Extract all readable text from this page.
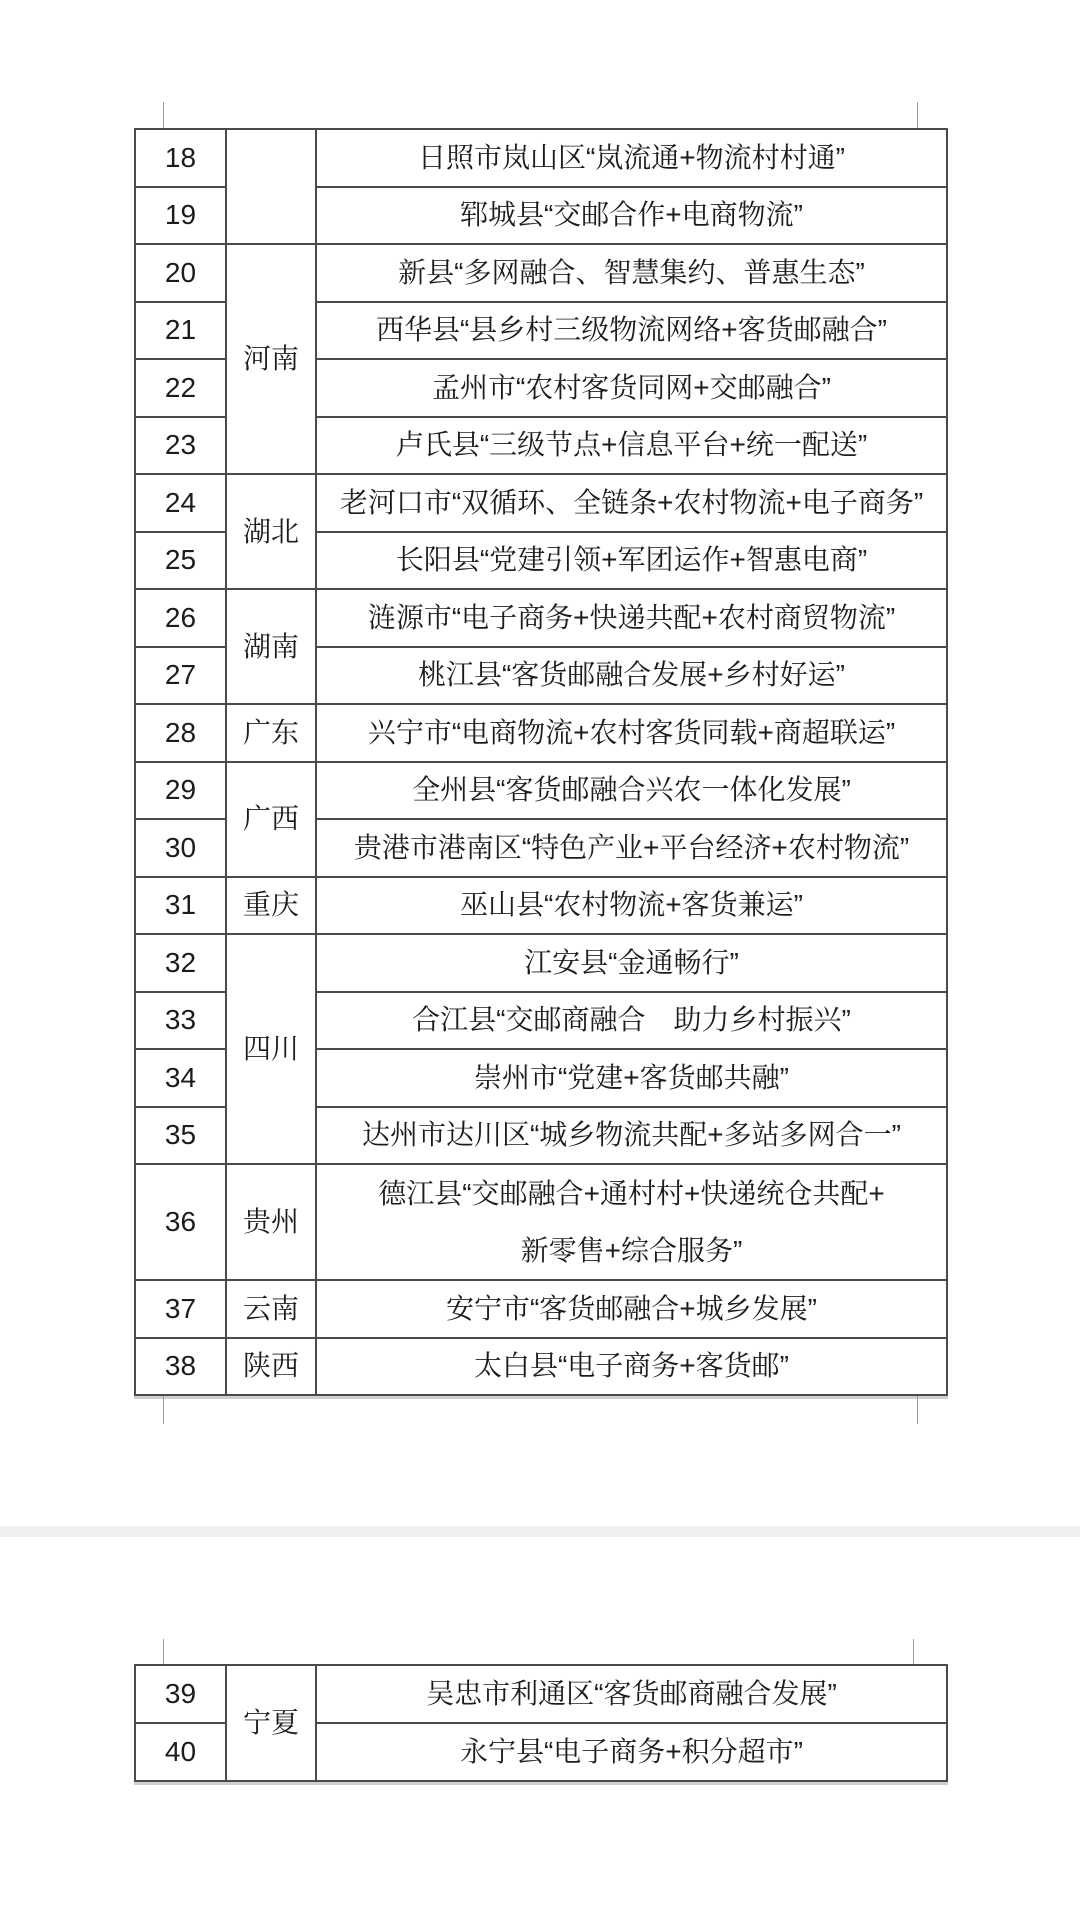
18		日照市岚山区“岚流通+物流村村通”
19		郓城县“交邮合作+电商物流”
20	河南	新县“多网融合、智慧集约、普惠生态”
21		西华县“县乡村三级物流网络+客货邮融合”
22		孟州市“农村客货同网+交邮融合”
23		卢氏县“三级节点+信息平台+统一配送”
24	湖北	老河口市“双循环、全链条+农村物流+电子商务”
25		长阳县“党建引领+军团运作+智惠电商”
26	湖南	涟源市“电子商务+快递共配+农村商贸物流”
27		桃江县“客货邮融合发展+乡村好运”
28	广东	兴宁市“电商物流+农村客货同载+商超联运”
29	广西	全州县“客货邮融合兴农一体化发展”
30		贵港市港南区“特色产业+平台经济+农村物流”
31	重庆	巫山县“农村物流+客货兼运”
32	四川	江安县“金通畅行”
33		合江县“交邮商融合　助力乡村振兴”
34		崇州市“党建+客货邮共融”
35		达州市达川区“城乡物流共配+多站多网合一”
36	贵州	德江县“交邮融合+通村村+快递统仓共配+
新零售+综合服务”

37	云南	安宁市“客货邮融合+城乡发展”
38	陕西	太白县“电子商务+客货邮”
39	宁夏	吴忠市利通区“客货邮商融合发展”
40		永宁县“电子商务+积分超市”
